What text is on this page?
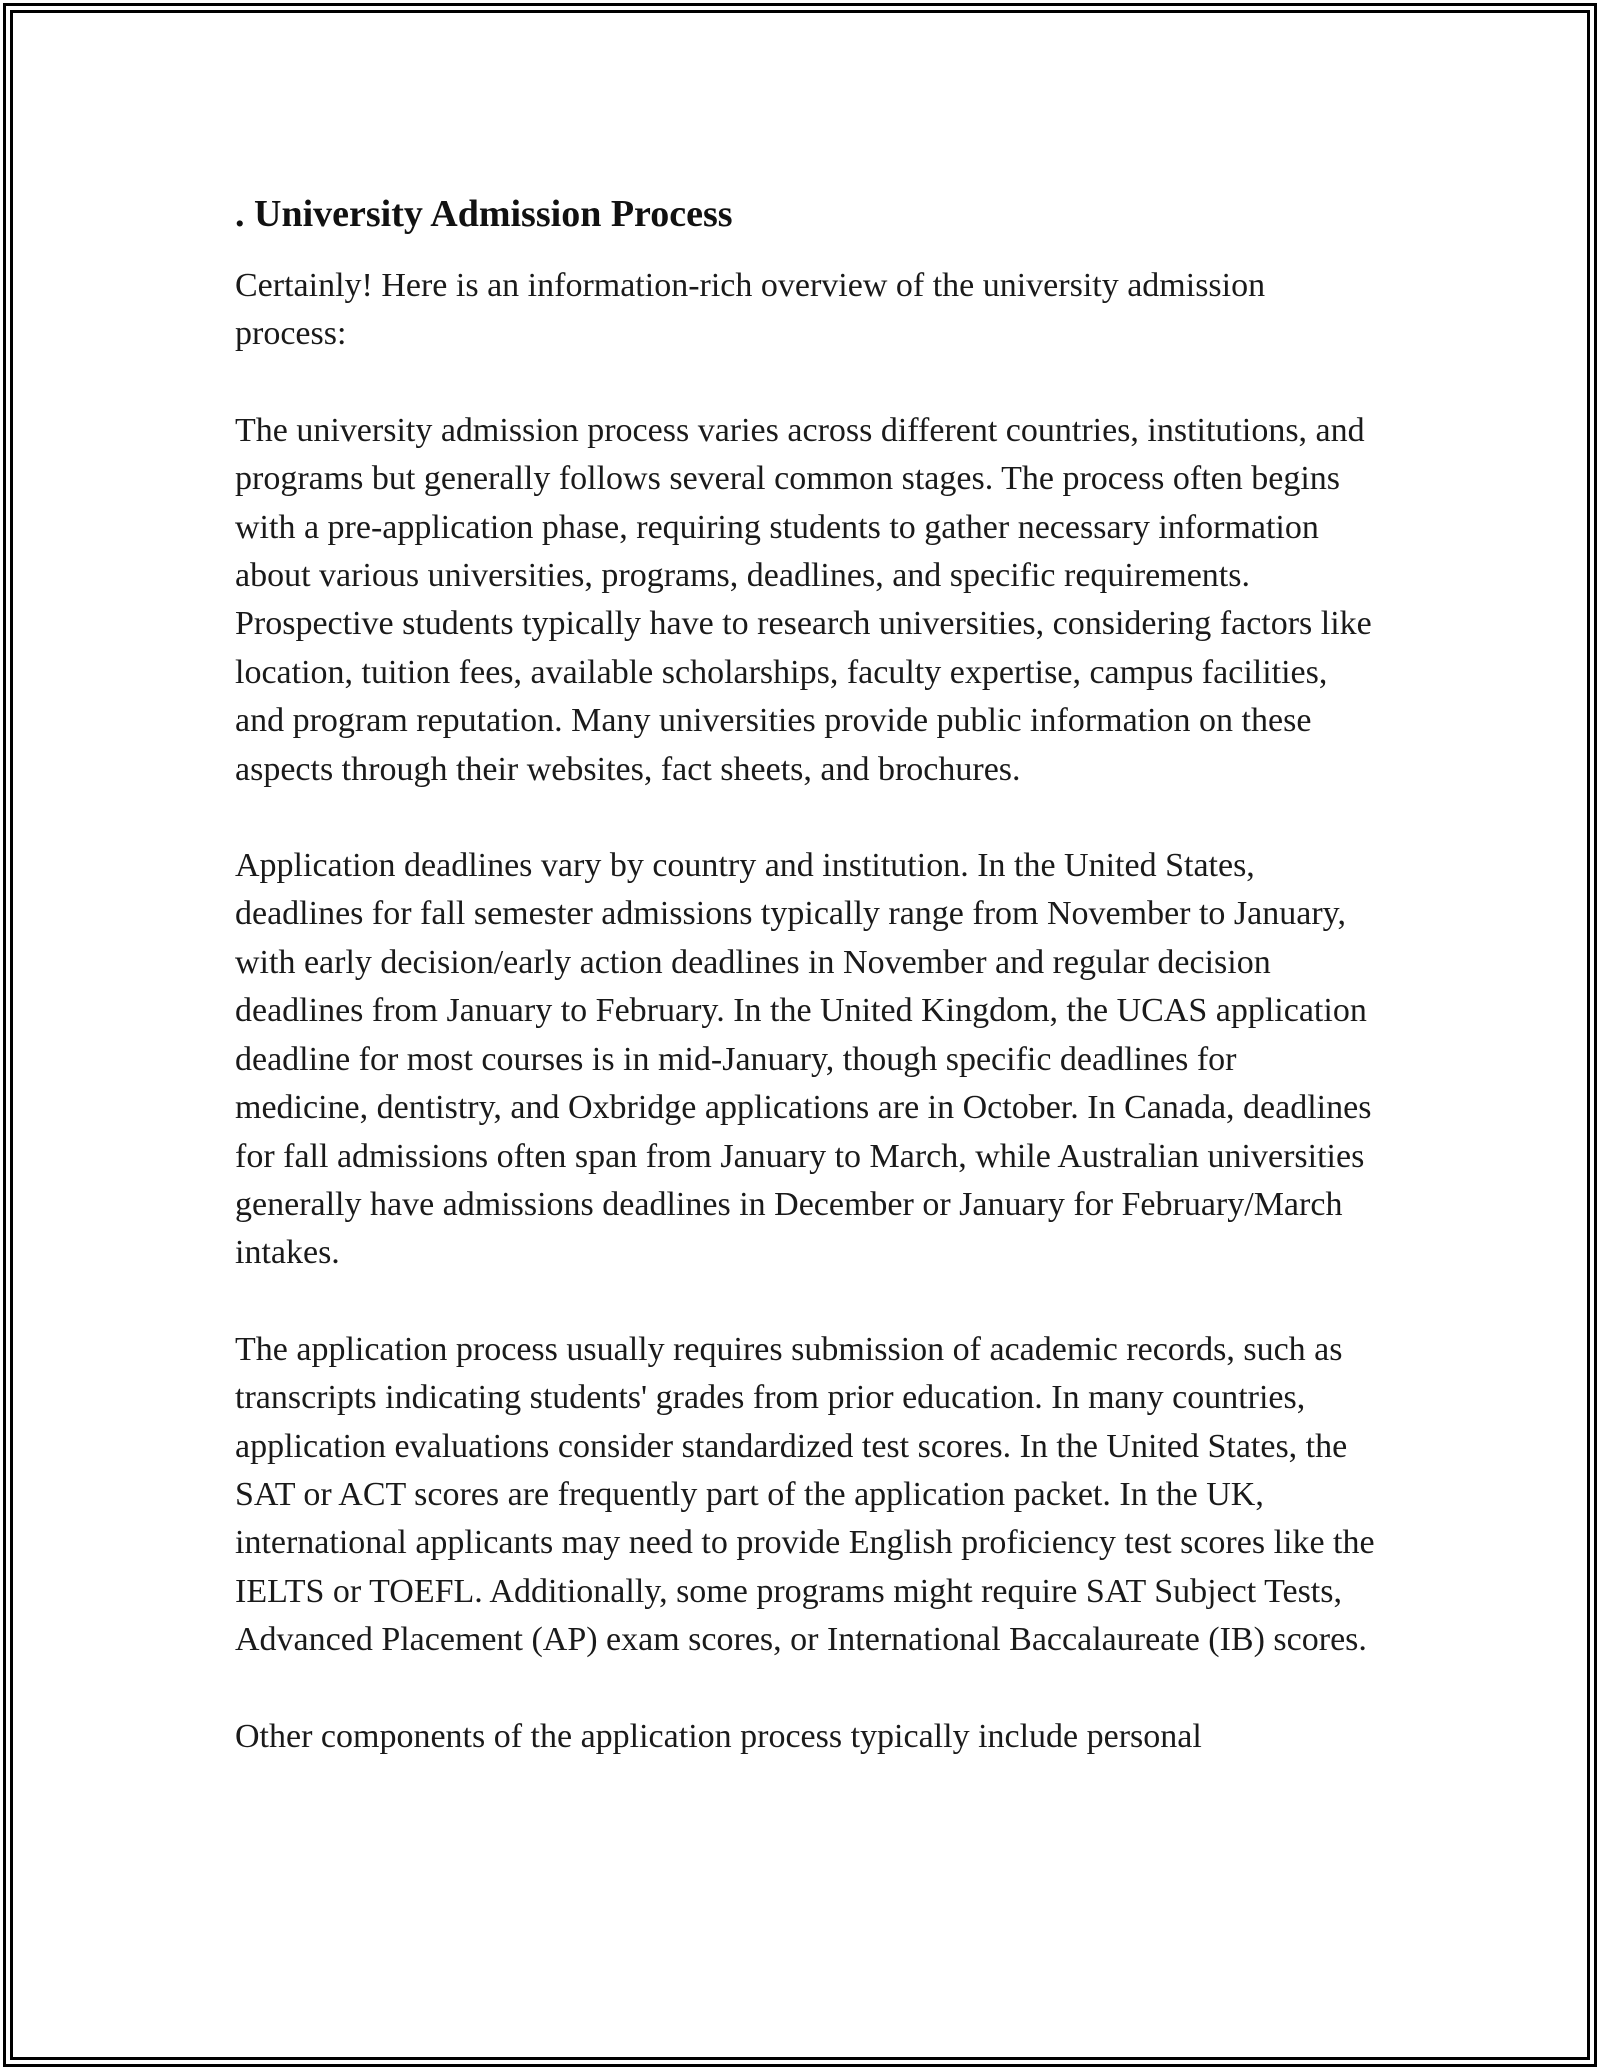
. University Admission Process

Certainly! Here is an information-rich overview of the university admission process:

The university admission process varies across different countries, institutions, and programs but generally follows several common stages. The process often begins with a pre-application phase, requiring students to gather necessary information about various universities, programs, deadlines, and specific requirements. Prospective students typically have to research universities, considering factors like location, tuition fees, available scholarships, faculty expertise, campus facilities, and program reputation. Many universities provide public information on these aspects through their websites, fact sheets, and brochures.

Application deadlines vary by country and institution. In the United States, deadlines for fall semester admissions typically range from November to January, with early decision/early action deadlines in November and regular decision deadlines from January to February. In the United Kingdom, the UCAS application deadline for most courses is in mid-January, though specific deadlines for medicine, dentistry, and Oxbridge applications are in October. In Canada, deadlines for fall admissions often span from January to March, while Australian universities generally have admissions deadlines in December or January for February/March intakes.

The application process usually requires submission of academic records, such as transcripts indicating students' grades from prior education. In many countries, application evaluations consider standardized test scores. In the United States, the SAT or ACT scores are frequently part of the application packet. In the UK, international applicants may need to provide English proficiency test scores like the IELTS or TOEFL. Additionally, some programs might require SAT Subject Tests, Advanced Placement (AP) exam scores, or International Baccalaureate (IB) scores.

Other components of the application process typically include personal
